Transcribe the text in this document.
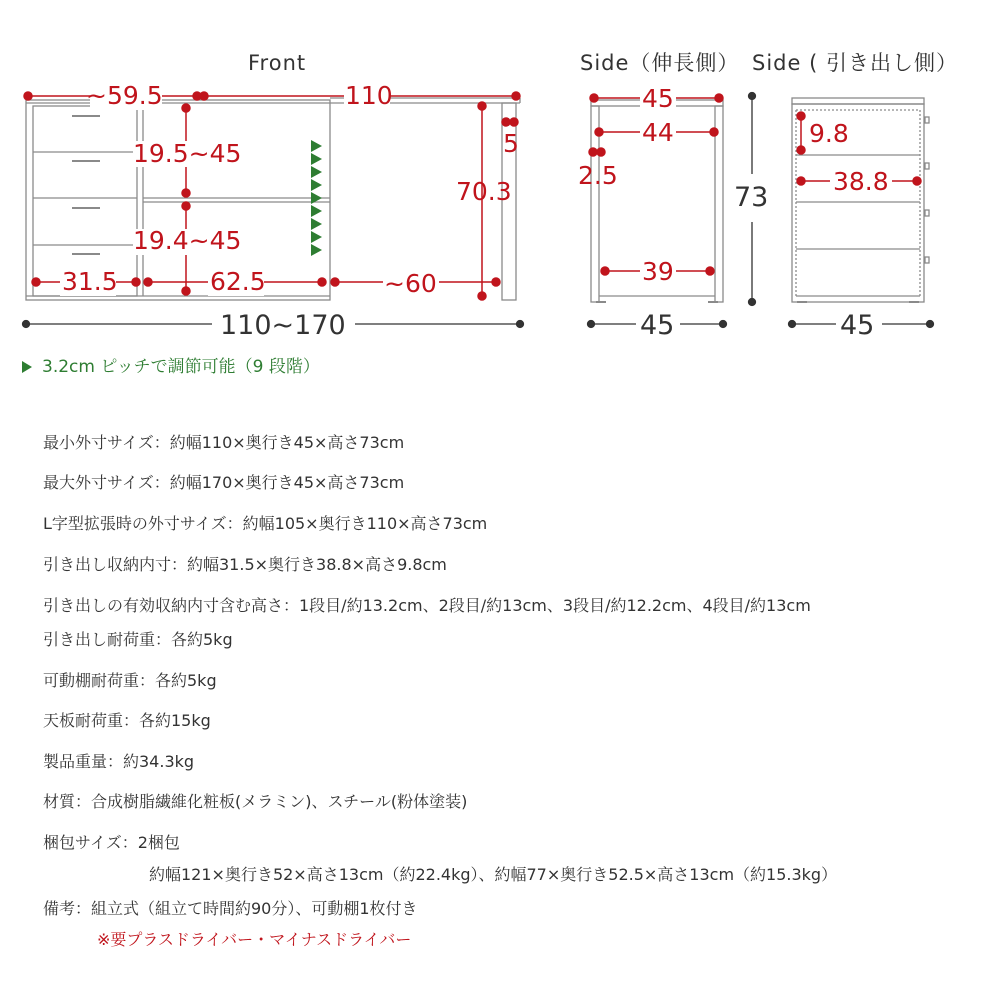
Front	Side（伸長側） Side ( 引き出し側）
~59.5	110
19.5~45
19.4~45
31.5	62.5	~60
70.3
5
110~170
45
44
2.5
39
45
73
9.8
38.8
45
3.2cm ピッチで調節可能（9 段階）
最小外寸サイズ：約幅110×奥行き45×高さ73cm
最大外寸サイズ：約幅170×奥行き45×高さ73cm
L字型拡張時の外寸サイズ：約幅105×奥行き110×高さ73cm
引き出し収納内寸：約幅31.5×奥行き38.8×高さ9.8cm
引き出しの有効収納内寸含む高さ：1段目/約13.2cm、2段目/約13cm、3段目/約12.2cm、4段目/約13cm
引き出し耐荷重：各約5kg
可動棚耐荷重：各約5kg
天板耐荷重：各約15kg
製品重量：約34.3kg
材質：合成樹脂繊維化粧板(メラミン)、スチール(粉体塗装)
梱包サイズ：2梱包
約幅121×奥行き52×高さ13cm（約22.4kg）、約幅77×奥行き52.5×高さ13cm（約15.3kg）
備考：組立式（組立て時間約90分）、可動棚1枚付き
※要プラスドライバー・マイナスドライバー
